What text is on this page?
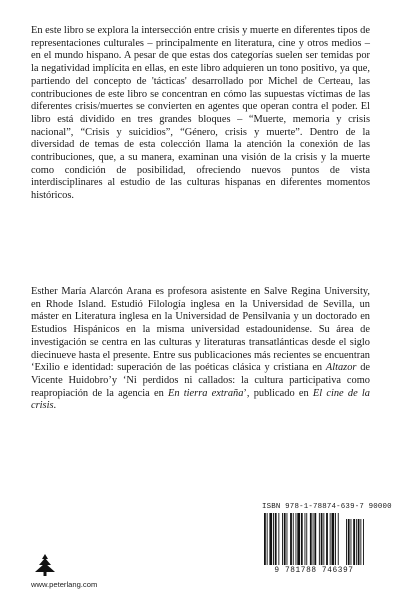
En este libro se explora la intersección entre crisis y muerte en diferentes tipos de representaciones culturales – principalmente en literatura, cine y otros medios – en el mundo hispano. A pesar de que estas dos categorías suelen ser temidas por la negatividad implícita en ellas, en este libro adquieren un tono positivo, ya que, partiendo del concepto de 'tácticas' desarrollado por Michel de Certeau, las contribuciones de este libro se concentran en cómo las supuestas víctimas de las diferentes crisis/muertes se convierten en agentes que operan contra el poder. El libro está dividido en tres grandes bloques – “Muerte, memoria y crisis nacional”, “Crisis y suicidios”, “Género, crisis y muerte”. Dentro de la diversidad de temas de esta colección llama la atención la conexión de las contribuciones, que, a su manera, examinan una visión de la crisis y la muerte como condición de posibilidad, ofreciendo nuevos puntos de vista interdisciplinares al estudio de las culturas hispanas en diferentes momentos históricos.

Esther María Alarcón Arana es profesora asistente en Salve Regina University, en Rhode Island. Estudió Filología inglesa en la Universidad de Sevilla, un máster en Literatura inglesa en la Universidad de Pensilvania y un doctorado en Estudios Hispánicos en la misma universidad estadounidense. Su área de investigación se centra en las culturas y literaturas transatlánticas desde el siglo diecinueve hasta el presente. Entre sus publicaciones más recientes se encuentran ‘Exilio e identidad: superación de las poéticas clásica y cristiana en Altazor de Vicente Huidobro’y ‘Ni perdidos ni callados: la cultura participativa como reapropiación de la agencia en En tierra extraña’, publicado en El cine de la crisis.

ISBN 978-1-78874-639-7 90000
9 781788 746397
www.peterlang.com
